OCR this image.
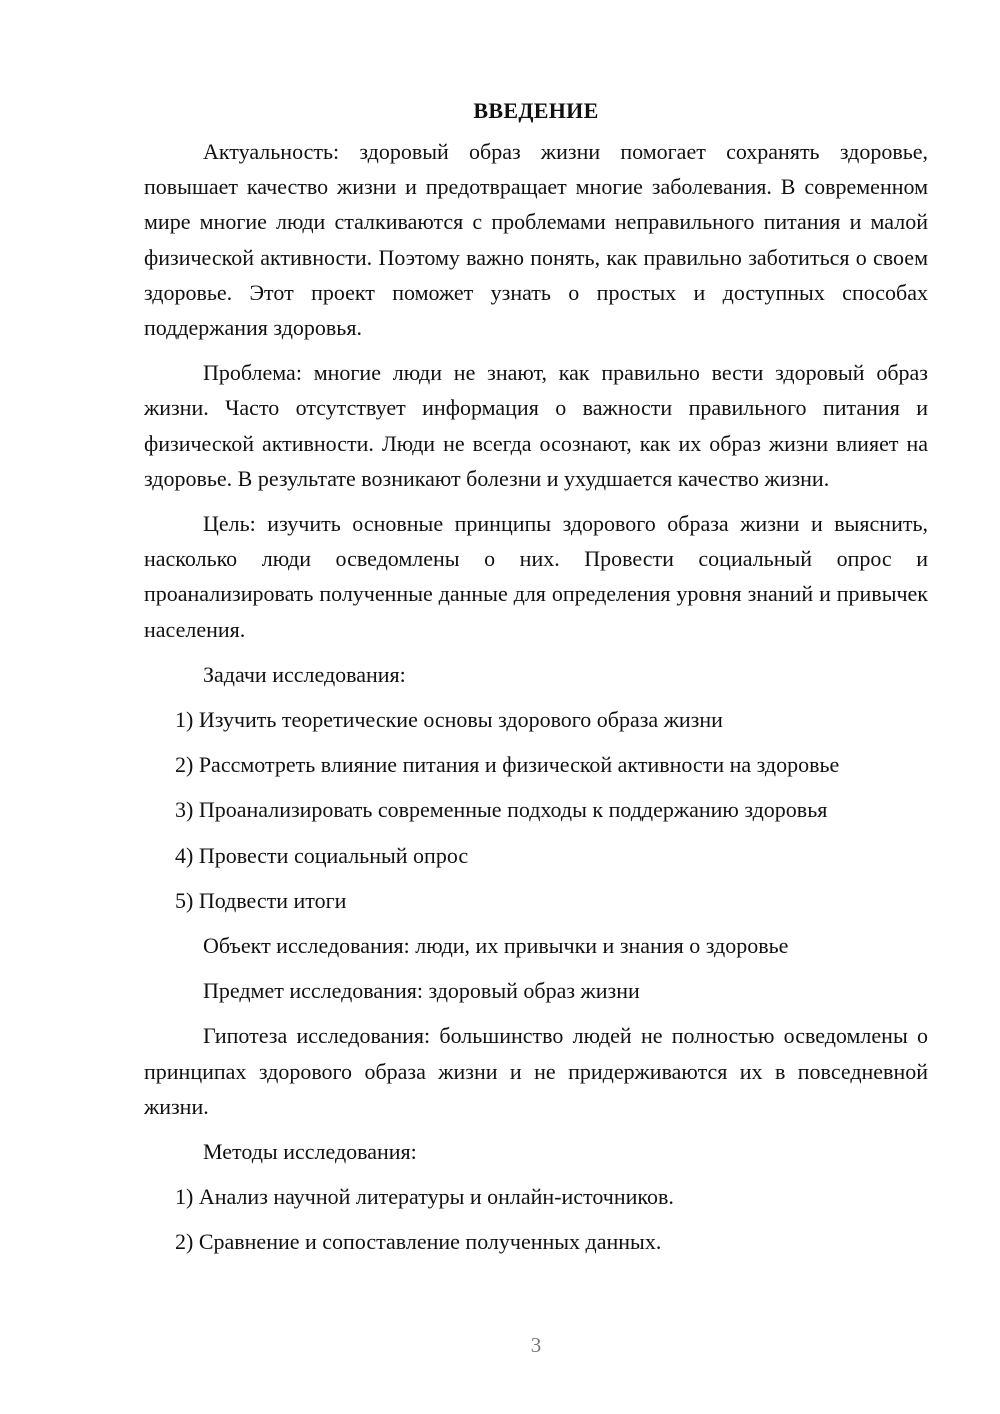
ВВЕДЕНИЕ

Актуальность: здоровый образ жизни помогает сохранять здоровье, повышает качество жизни и предотвращает многие заболевания. В современном мире многие люди сталкиваются с проблемами неправильного питания и малой физической активности. Поэтому важно понять, как правильно заботиться о своем здоровье. Этот проект поможет узнать о простых и доступных способах поддержания здоровья.

Проблема: многие люди не знают, как правильно вести здоровый образ жизни. Часто отсутствует информация о важности правильного питания и физической активности. Люди не всегда осознают, как их образ жизни влияет на здоровье. В результате возникают болезни и ухудшается качество жизни.

Цель: изучить основные принципы здорового образа жизни и выяснить, насколько люди осведомлены о них. Провести социальный опрос и проанализировать полученные данные для определения уровня знаний и привычек населения.

Задачи исследования:
1) Изучить теоретические основы здорового образа жизни
2) Рассмотреть влияние питания и физической активности на здоровье
3) Проанализировать современные подходы к поддержанию здоровья
4) Провести социальный опрос
5) Подвести итоги
Объект исследования: люди, их привычки и знания о здоровье
Предмет исследования: здоровый образ жизни

Гипотеза исследования: большинство людей не полностью осведомлены о принципах здорового образа жизни и не придерживаются их в повседневной жизни.

Методы исследования:
1) Анализ научной литературы и онлайн-источников.
2) Сравнение и сопоставление полученных данных.
3
